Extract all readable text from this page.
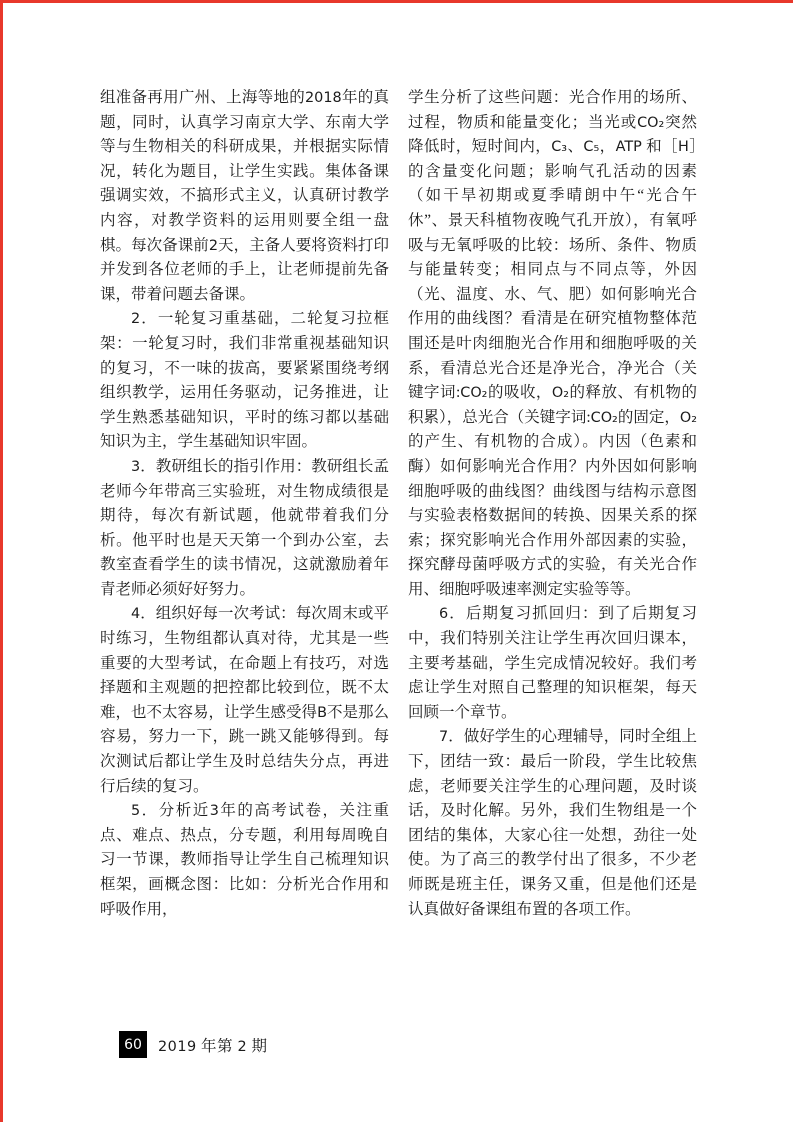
组准备再用广州、上海等地的2018年的真题，同时，认真学习南京大学、东南大学等与生物相关的科研成果，并根据实际情况，转化为题目，让学生实践。集体备课强调实效，不搞形式主义，认真研讨教学内容，对教学资料的运用则要全组一盘棋。每次备课前2天，主备人要将资料打印并发到各位老师的手上，让老师提前先备课，带着问题去备课。

2．一轮复习重基础，二轮复习拉框架：一轮复习时，我们非常重视基础知识的复习，不一味的拔高，要紧紧围绕考纲组织教学，运用任务驱动，记务推进，让学生熟悉基础知识，平时的练习都以基础知识为主，学生基础知识牢固。

3．教研组长的指引作用：教研组长孟老师今年带高三实验班，对生物成绩很是期待，每次有新试题，他就带着我们分析。他平时也是天天第一个到办公室，去教室查看学生的读书情况，这就激励着年青老师必须好好努力。

4．组织好每一次考试：每次周末或平时练习，生物组都认真对待，尤其是一些重要的大型考试，在命题上有技巧，对选择题和主观题的把控都比较到位，既不太难，也不太容易，让学生感受得B不是那么容易，努力一下，跳一跳又能够得到。每次测试后都让学生及时总结失分点，再进行后续的复习。

5．分析近3年的高考试卷，关注重点、难点、热点，分专题，利用每周晚自习一节课，教师指导让学生自己梳理知识框架，画概念图：比如：分析光合作用和呼吸作用，

学生分析了这些问题：光合作用的场所、过程，物质和能量变化；当光或CO₂突然降低时，短时间内，C₃、C₅，ATP 和［H］的含量变化问题；影响气孔活动的因素（如干旱初期或夏季晴朗中午“光合午休”、景天科植物夜晚气孔开放），有氧呼吸与无氧呼吸的比较：场所、条件、物质与能量转变；相同点与不同点等，外因（光、温度、水、气、肥）如何影响光合作用的曲线图？看清是在研究植物整体范围还是叶肉细胞光合作用和细胞呼吸的关系，看清总光合还是净光合，净光合（关键字词:CO₂的吸收，O₂的释放、有机物的积累），总光合（关键字词:CO₂的固定，O₂的产生、有机物的合成）。内因（色素和酶）如何影响光合作用？内外因如何影响细胞呼吸的曲线图？曲线图与结构示意图与实验表格数据间的转换、因果关系的探索；探究影响光合作用外部因素的实验，探究酵母菌呼吸方式的实验，有关光合作用、细胞呼吸速率测定实验等等。

6．后期复习抓回归：到了后期复习中，我们特别关注让学生再次回归课本，主要考基础，学生完成情况较好。我们考虑让学生对照自己整理的知识框架，每天回顾一个章节。

7．做好学生的心理辅导，同时全组上下，团结一致：最后一阶段，学生比较焦虑，老师要关注学生的心理问题，及时谈话，及时化解。另外，我们生物组是一个团结的集体，大家心往一处想，劲往一处使。为了高三的教学付出了很多，不少老师既是班主任，课务又重，但是他们还是认真做好备课组布置的各项工作。

60	2019 年第 2 期
